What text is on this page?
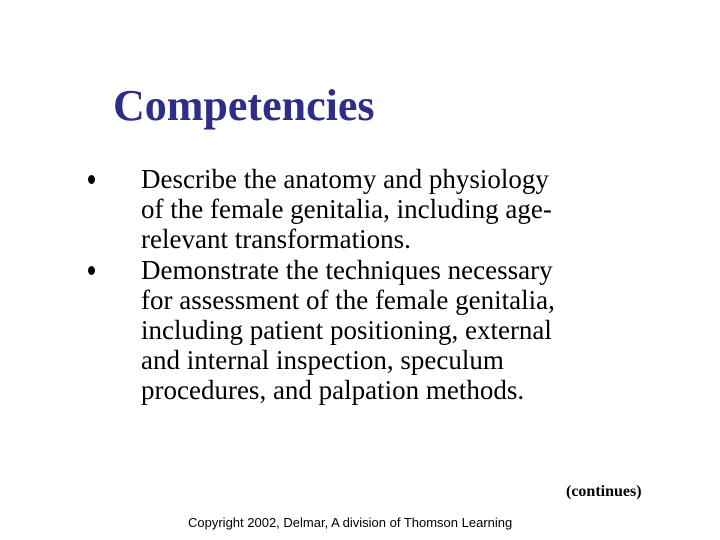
Competencies
Describe the anatomy and physiology of the female genitalia, including age-relevant transformations.
Demonstrate the techniques necessary for assessment of the female genitalia, including patient positioning, external and internal inspection, speculum procedures, and palpation methods.
(continues)
Copyright 2002, Delmar, A division of Thomson Learning
